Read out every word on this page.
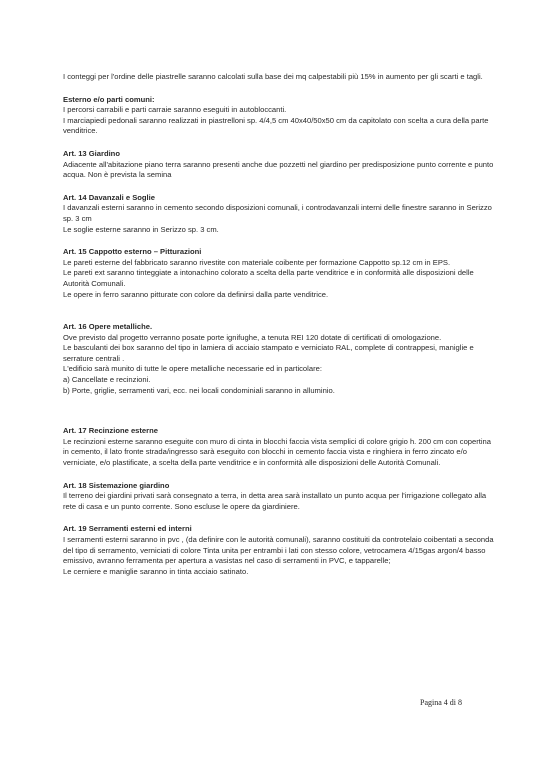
I conteggi per l'ordine delle piastrelle saranno calcolati sulla base dei mq calpestabili più 15% in aumento per gli scarti e tagli.

Esterno e/o parti comuni:

I percorsi carrabili e parti carraie saranno eseguiti in autobloccanti.

I marciapiedi pedonali saranno realizzati in piastrelloni sp. 4/4,5 cm 40x40/50x50 cm da capitolato con scelta a cura della parte venditrice.

Art. 13 Giardino

Adiacente all'abitazione piano terra saranno presenti anche due pozzetti nel giardino per predisposizione punto corrente e punto acqua. Non è prevista la semina

Art. 14 Davanzali e Soglie

I davanzali esterni saranno in cemento secondo disposizioni comunali, i controdavanzali interni delle finestre saranno in Serizzo sp. 3 cm

Le soglie esterne saranno in Serizzo sp. 3 cm.

Art. 15 Cappotto esterno – Pitturazioni

Le pareti esterne del fabbricato saranno rivestite con materiale coibente per formazione Cappotto sp.12 cm in EPS.

Le pareti ext saranno tinteggiate a intonachino colorato a scelta della parte venditrice e in conformità alle disposizioni delle Autorità Comunali.

Le opere in ferro saranno pitturate con colore da definirsi dalla parte venditrice.

Art. 16 Opere metalliche.

Ove previsto dal progetto verranno posate porte ignifughe, a tenuta REI 120 dotate di certificati di omologazione.

Le basculanti dei box saranno del tipo in lamiera di acciaio stampato e verniciato RAL, complete di contrappesi, maniglie e serrature centrali .

L'edificio sarà munito di tutte le opere metalliche necessarie ed in particolare:

a) Cancellate e recinzioni.

b) Porte, griglie, serramenti vari, ecc. nei locali condominiali saranno in alluminio.

Art. 17 Recinzione esterne

Le recinzioni esterne saranno eseguite con muro di cinta in blocchi faccia vista semplici di colore grigio h. 200 cm con copertina in cemento, il lato fronte strada/ingresso sarà eseguito con blocchi in cemento faccia vista e ringhiera in ferro zincato e/o verniciate, e/o plastificate, a scelta della parte venditrice e in conformità alle disposizioni delle Autorità Comunali.

Art. 18 Sistemazione giardino

Il terreno dei giardini privati sarà consegnato a terra, in detta area sarà installato un punto acqua per l'irrigazione collegato alla rete di casa e un punto corrente. Sono escluse le opere da giardiniere.

Art. 19 Serramenti esterni ed interni

I serramenti esterni saranno in pvc , (da definire con le autorità comunali), saranno costituiti da controtelaio coibentati a seconda del tipo di serramento, verniciati di colore Tinta unita per entrambi i lati con stesso colore, vetrocamera 4/15gas argon/4 basso emissivo, avranno ferramenta per apertura a vasistas nel caso di serramenti in PVC, e tapparelle;

Le cerniere e maniglie saranno in tinta acciaio satinato.

Pagina 4 di 8
